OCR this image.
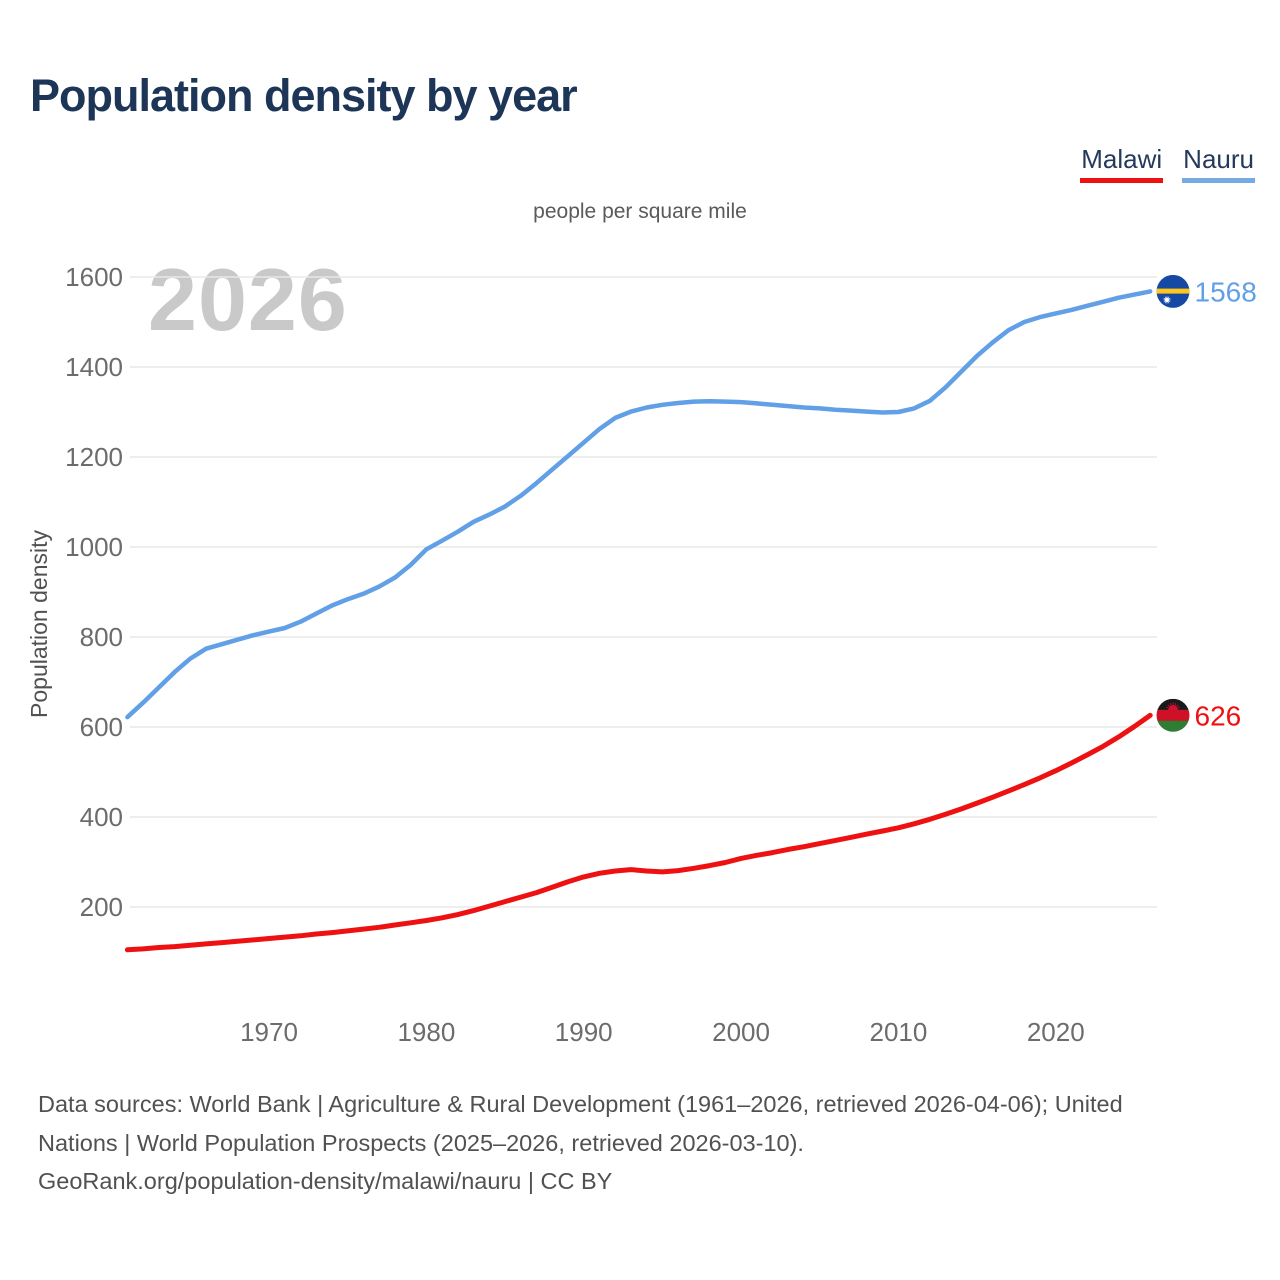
Population density by year
Malawi Nauru
people per square mile
2026
Population density
200
400
600
800
1000
1200
1400
1600
1970	1980	1990	2000	2010	2020
1568
626
Data sources: World Bank | Agriculture & Rural Development (1961–2026, retrieved 2026-04-06); United
Nations | World Population Prospects (2025–2026, retrieved 2026-03-10).
GeoRank.org/population-density/malawi/nauru | CC BY
